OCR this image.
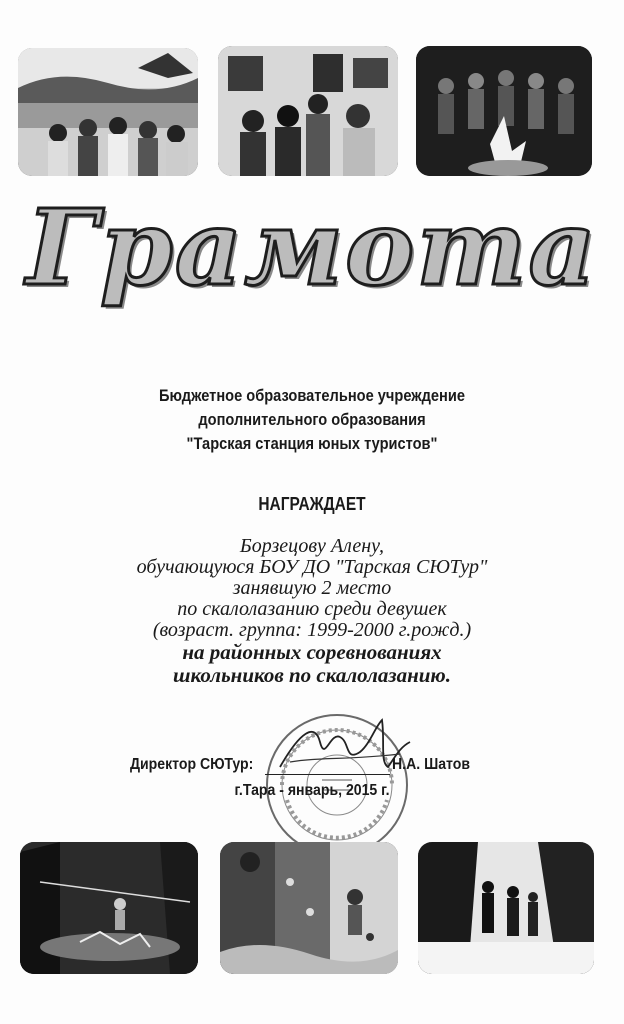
Грамота
Бюджетное образовательное учреждение
дополнительного образования
"Тарская станция юных туристов"
НАГРАЖДАЕТ
Борзецову Алену,
обучающуюся БОУ ДО "Тарская СЮТур"
занявшую 2 место
по скалолазанию среди девушек
(возраст. группа: 1999-2000 г.рожд.)
на районных соревнованиях
школьников по скалолазанию.
Директор СЮТур:	Н.А. Шатов
г.Тара - январь, 2015 г.
